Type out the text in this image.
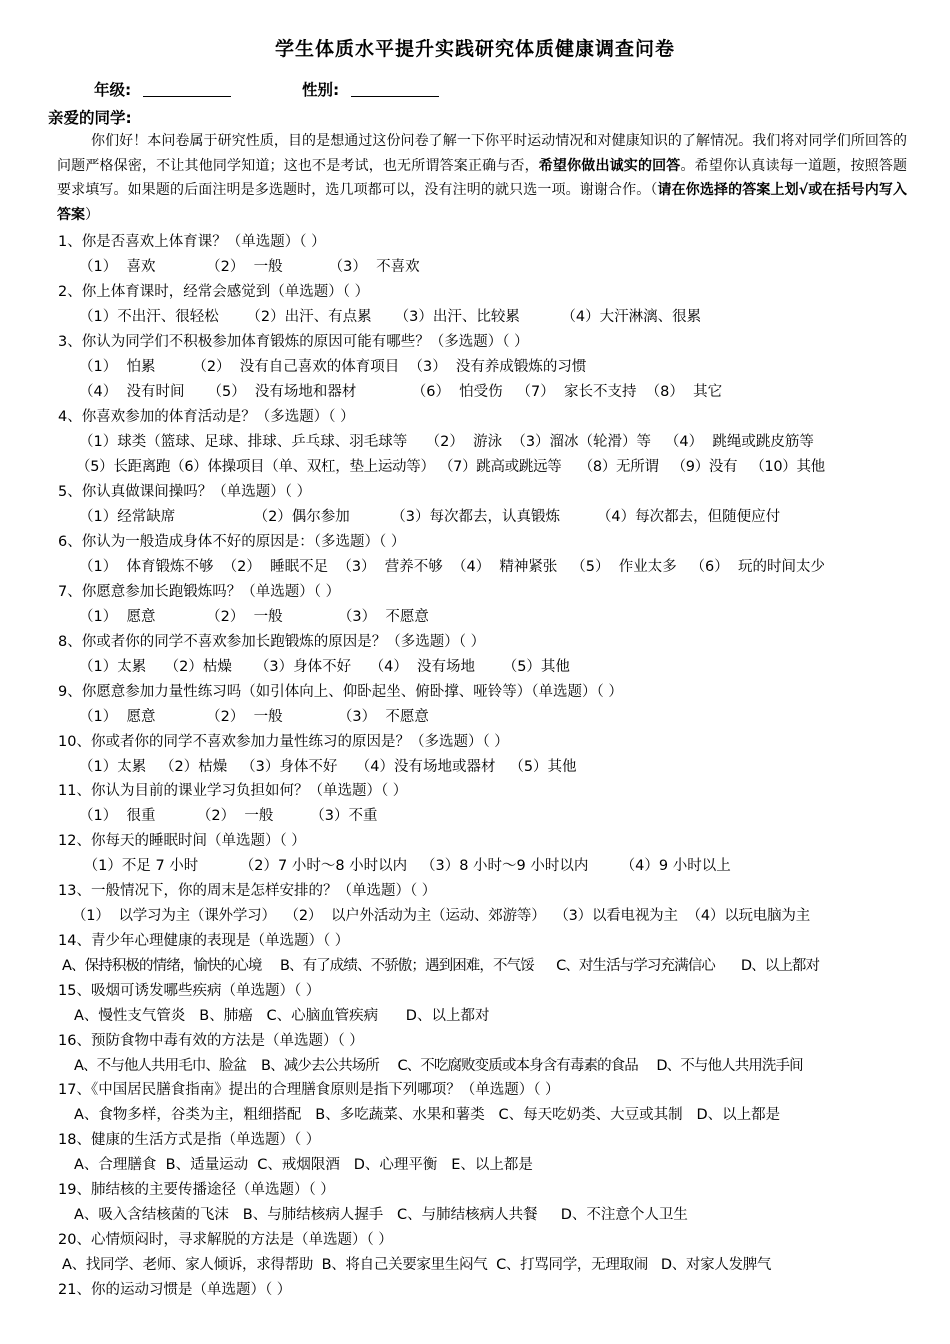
学生体质水平提升实践研究体质健康调查问卷
年级:	性别:
亲爱的同学:
你们好！本问卷属于研究性质，目的是想通过这份问卷了解一下你平时运动情况和对健康知识的了解情况。我们将对同学们所回答的问题严格保密，不让其他同学知道；这也不是考试，也无所谓答案正确与否，希望你做出诚实的回答。希望你认真读每一道题，按照答题要求填写。如果题的后面注明是多选题时，选几项都可以，没有注明的就只选一项。谢谢合作。（请在你选择的答案上划√或在括号内写入答案）
1、你是否喜欢上体育课？（单选题）（ ）
（1）  喜欢           （2）  一般          （3）  不喜欢
2、你上体育课时，经常会感觉到（单选题）（ ）
（1）不出汗、很轻松      （2）出汗、有点累     （3）出汗、比较累         （4）大汗淋漓、很累
3、你认为同学们不积极参加体育锻炼的原因可能有哪些？（多选题）（ ）
（1）  怕累        （2）  没有自己喜欢的体育项目  （3）  没有养成锻炼的习惯
（4）  没有时间     （5）  没有场地和器材            （6）  怕受伤   （7）  家长不支持  （8）  其它
4、你喜欢参加的体育活动是？（多选题）（ ）
（1）球类（篮球、足球、排球、乒乓球、羽毛球等    （2）  游泳  （3）溜冰（轮滑）等   （4）  跳绳或跳皮筋等
（5）长距离跑（6）体操项目（单、双杠，垫上运动等） （7）跳高或跳远等    （8）无所谓   （9）没有   （10）其他
5、你认真做课间操吗？（单选题）（ ）
（1）经常缺席                 （2）偶尔参加         （3）每次都去，认真锻炼        （4）每次都去，但随便应付
6、你认为一般造成身体不好的原因是：（多选题）（ ）
（1）  体育锻炼不够  （2）  睡眠不足  （3）  营养不够  （4）  精神紧张   （5）  作业太多   （6）  玩的时间太少
7、你愿意参加长跑锻炼吗？（单选题）（ ）
（1）  愿意           （2）  一般            （3）  不愿意
8、你或者你的同学不喜欢参加长跑锻炼的原因是？（多选题）（ ）
（1）太累    （2）枯燥     （3）身体不好    （4）  没有场地      （5）其他
9、你愿意参加力量性练习吗（如引体向上、仰卧起坐、俯卧撑、哑铃等）（单选题）（ ）
（1）  愿意           （2）  一般            （3）  不愿意
10、你或者你的同学不喜欢参加力量性练习的原因是？（多选题）（ ）
（1）太累   （2）枯燥   （3）身体不好    （4）没有场地或器材   （5）其他
11、你认为目前的课业学习负担如何？（单选题）（ ）
（1）  很重         （2）  一般        （3）不重
12、你每天的睡眠时间（单选题）（ ）
（1）不足 7 小时         （2）7 小时～8 小时以内   （3）8 小时～9 小时以内       （4）9 小时以上
13、一般情况下，你的周末是怎样安排的？（单选题）（ ）
（1）  以学习为主（课外学习）  （2）  以户外活动为主（运动、郊游等）  （3）以看电视为主  （4）以玩电脑为主
14、青少年心理健康的表现是（单选题）（ ）
A、保持积极的情绪，愉快的心境     B、有了成绩、不骄傲；遇到困难，不气馁      C、对生活与学习充满信心       D、以上都对
15、吸烟可诱发哪些疾病（单选题）（ ）
A、慢性支气管炎   B、肺癌   C、心脑血管疾病      D、以上都对
16、预防食物中毒有效的方法是（单选题）（ ）
A、不与他人共用毛巾、脸盆    B、减少去公共场所     C、不吃腐败变质或本身含有毒素的食品     D、不与他人共用洗手间
17、《中国居民膳食指南》提出的合理膳食原则是指下列哪项？（单选题）（ ）
A、食物多样，谷类为主，粗细搭配   B、多吃蔬菜、水果和薯类   C、每天吃奶类、大豆或其制   D、以上都是
18、健康的生活方式是指（单选题）（ ）
A、合理膳食  B、适量运动  C、戒烟限酒   D、心理平衡   E、以上都是
19、肺结核的主要传播途径（单选题）（ ）
A、吸入含结核菌的飞沫   B、与肺结核病人握手   C、与肺结核病人共餐     D、不注意个人卫生
20、心情烦闷时，寻求解脱的方法是（单选题）（ ）
A、找同学、老师、家人倾诉，求得帮助  B、将自己关要家里生闷气  C、打骂同学，无理取闹   D、对家人发脾气
21、你的运动习惯是（单选题）（ ）
